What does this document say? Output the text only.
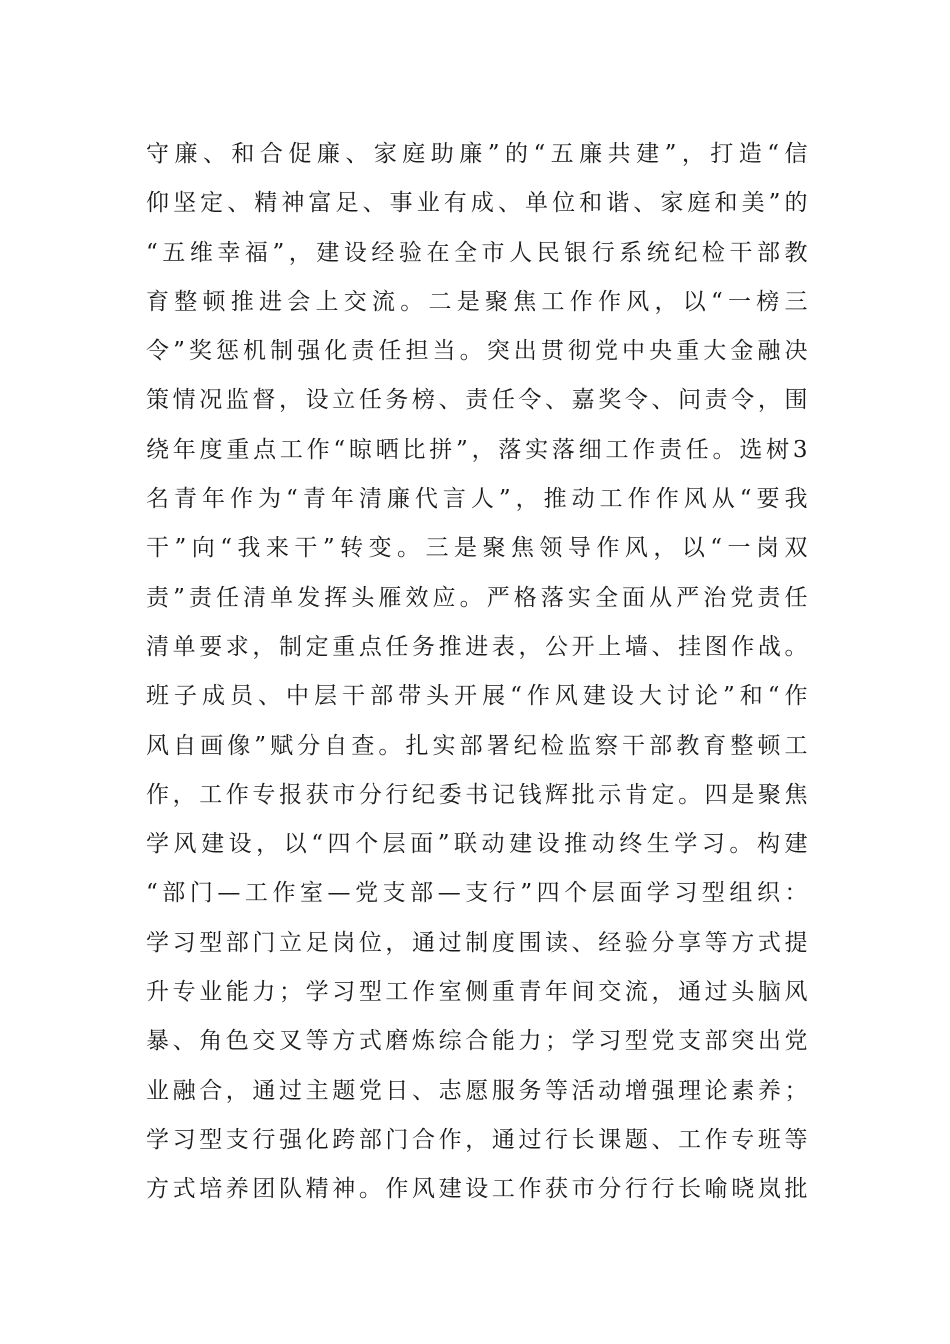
守廉、和合促廉、家庭助廉”的“五廉共建”，打造“信
仰坚定、精神富足、事业有成、单位和谐、家庭和美”的
“五维幸福”，建设经验在全市人民银行系统纪检干部教
育整顿推进会上交流。二是聚焦工作作风，以“一榜三
令”奖惩机制强化责任担当。突出贯彻党中央重大金融决
策情况监督，设立任务榜、责任令、嘉奖令、问责令，围
绕年度重点工作“晾晒比拼”，落实落细工作责任。选树3
名青年作为“青年清廉代言人”，推动工作作风从“要我
干”向“我来干”转变。三是聚焦领导作风，以“一岗双
责”责任清单发挥头雁效应。严格落实全面从严治党责任
清单要求，制定重点任务推进表，公开上墙、挂图作战。
班子成员、中层干部带头开展“作风建设大讨论”和“作
风自画像”赋分自查。扎实部署纪检监察干部教育整顿工
作，工作专报获市分行纪委书记钱辉批示肯定。四是聚焦
学风建设，以“四个层面”联动建设推动终生学习。构建
“部门—工作室—党支部—支行”四个层面学习型组织：
学习型部门立足岗位，通过制度围读、经验分享等方式提
升专业能力；学习型工作室侧重青年间交流，通过头脑风
暴、角色交叉等方式磨炼综合能力；学习型党支部突出党
业融合，通过主题党日、志愿服务等活动增强理论素养；
学习型支行强化跨部门合作，通过行长课题、工作专班等
方式培养团队精神。作风建设工作获市分行行长喻晓岚批
